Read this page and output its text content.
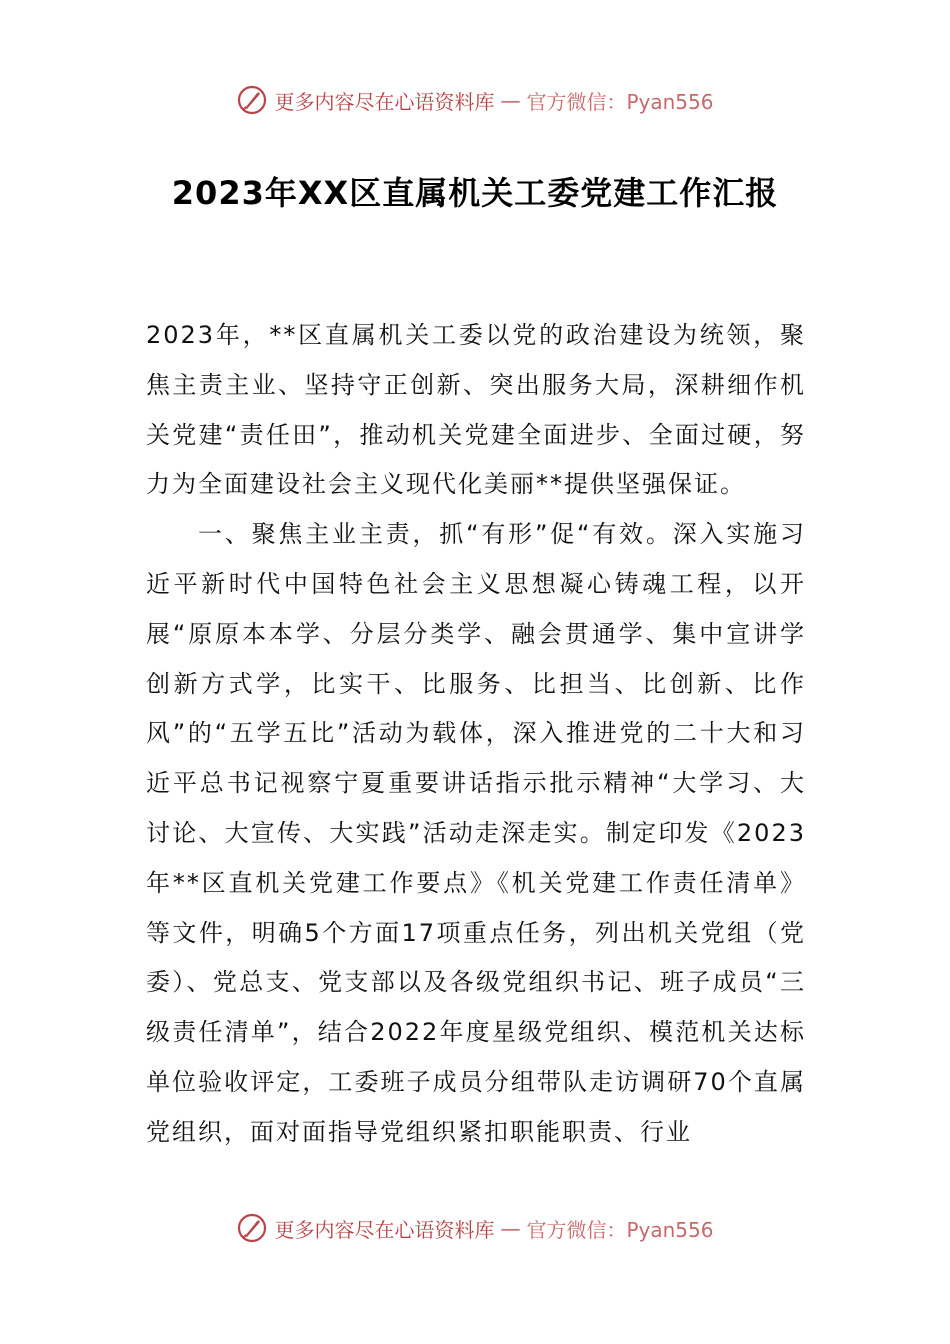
更多内容尽在心语资料库 — 官方微信：Pyan556
2023年XX区直属机关工委党建工作汇报

2023年，**区直属机关工委以党的政治建设为统领，聚焦主责主业、坚持守正创新、突出服务大局，深耕细作机关党建“责任田”，推动机关党建全面进步、全面过硬，努力为全面建设社会主义现代化美丽**提供坚强保证。

一、聚焦主业主责，抓“有形”促“有效。深入实施习近平新时代中国特色社会主义思想凝心铸魂工程，以开展“原原本本学、分层分类学、融会贯通学、集中宣讲学创新方式学，比实干、比服务、比担当、比创新、比作风”的“五学五比”活动为载体，深入推进党的二十大和习近平总书记视察宁夏重要讲话指示批示精神“大学习、大讨论、大宣传、大实践”活动走深走实。制定印发《2023年**区直机关党建工作要点》《机关党建工作责任清单》等文件，明确5个方面17项重点任务，列出机关党组（党委）、党总支、党支部以及各级党组织书记、班子成员“三级责任清单”，结合2022年度星级党组织、模范机关达标单位验收评定，工委班子成员分组带队走访调研70个直属党组织，面对面指导党组织紧扣职能职责、行业

更多内容尽在心语资料库 — 官方微信：Pyan556
